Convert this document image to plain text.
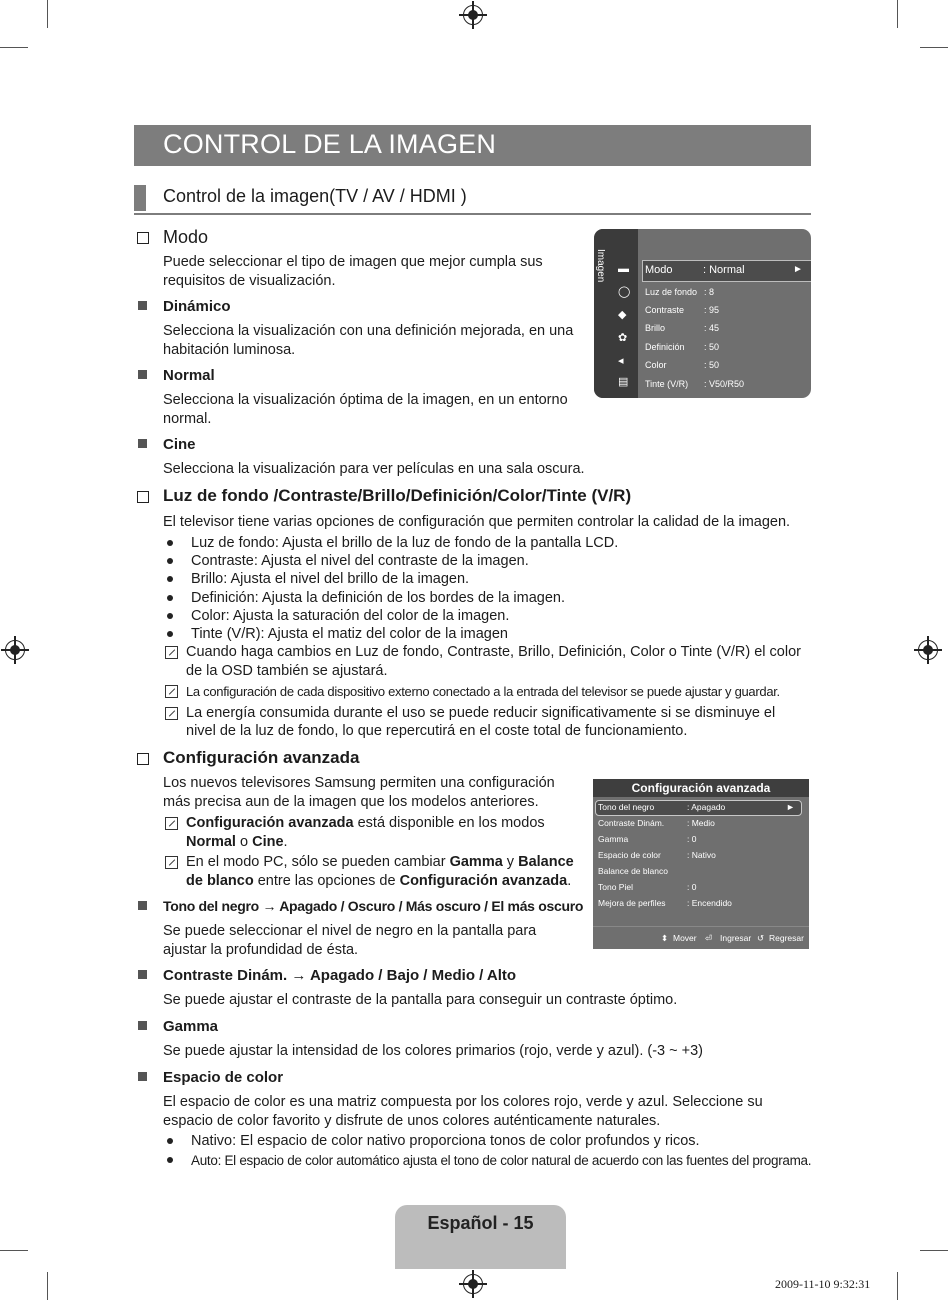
CONTROL DE LA IMAGEN
Control de la imagen(TV / AV / HDMI )
Modo
Puede seleccionar el tipo de imagen que mejor cumpla sus requisitos de visualización.
Dinámico
Selecciona la visualización con una definición mejorada, en una habitación luminosa.
Normal
Selecciona la visualización óptima de la imagen, en un entorno normal.
Cine
Selecciona la visualización para ver películas en una sala oscura.
Imagen ▬
◯
◆
✿
◂
▤
Modo	: Normal	►
Luz de fondo : 8
Contraste : 95
Brillo	: 45
Definición : 50
Color	: 50
Tinte (V/R) : V50/R50
Luz de fondo /Contraste/Brillo/Definición/Color/Tinte (V/R)
El televisor tiene varias opciones de configuración que permiten controlar la calidad de la imagen.
Luz de fondo: Ajusta el brillo de la luz de fondo de la pantalla LCD.
Contraste: Ajusta el nivel del contraste de la imagen.
Brillo: Ajusta el nivel del brillo de la imagen.
Definición: Ajusta la definición de los bordes de la imagen.
Color: Ajusta la saturación del color de la imagen.
Tinte (V/R): Ajusta el matiz del color de la imagen
Cuando haga cambios en Luz de fondo, Contraste, Brillo, Definición, Color o Tinte (V/R) el color
de la OSD también se ajustará.
La configuración de cada dispositivo externo conectado a la entrada del televisor se puede ajustar y guardar.
La energía consumida durante el uso se puede reducir significativamente si se disminuye el
nivel de la luz de fondo, lo que repercutirá en el coste total de funcionamiento.
Configuración avanzada
Los nuevos televisores Samsung permiten una configuración más precisa aun de la imagen que los modelos anteriores.
Configuración avanzada está disponible en los modos
Normal o Cine.
En el modo PC, sólo se pueden cambiar Gamma y Balance
de blanco entre las opciones de Configuración avanzada.
Tono del negro → Apagado / Oscuro / Más oscuro / El más oscuro
Se puede seleccionar el nivel de negro en la pantalla para ajustar la profundidad de ésta.
Contraste Dinám. → Apagado / Bajo / Medio / Alto
Se puede ajustar el contraste de la pantalla para conseguir un contraste óptimo.
Gamma
Se puede ajustar la intensidad de los colores primarios (rojo, verde y azul). (-3 ~ +3)
Espacio de color
El espacio de color es una matriz compuesta por los colores rojo, verde y azul. Seleccione su espacio de color favorito y disfrute de unos colores auténticamente naturales.
Nativo: El espacio de color nativo proporciona tonos de color profundos y ricos.
Auto: El espacio de color automático ajusta el tono de color natural de acuerdo con las fuentes del programa.
Configuración avanzada
►
Tono del negro	: Apagado
Contraste Dinám.	: Medio
Gamma	: 0
Espacio de color	: Nativo
Balance de blanco
Tono Piel	: 0
Mejora de perfiles	: Encendido
⬍ Mover ⏎ Ingresar ↺ Regresar
Español - 15
2009-11-10 9:32:31
